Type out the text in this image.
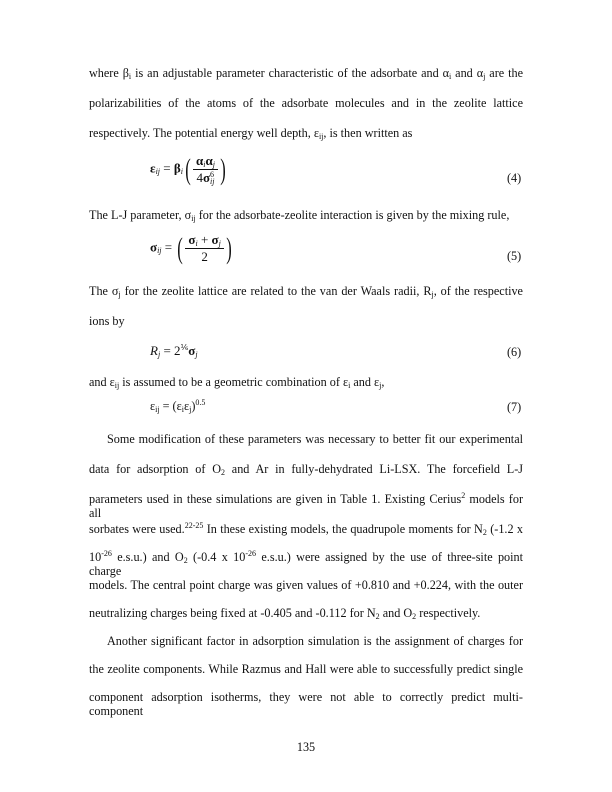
where $\beta_i$ is an adjustable parameter characteristic of the adsorbate and $\alpha_i$ and $\alpha_j$ are the
polarizabilities of the atoms of the adsorbate molecules and in the zeolite lattice
respectively. The potential energy well depth, $\varepsilon_{ij}$, is then written as
$\varepsilon_{ij} = \beta_i( \frac{\alpha_i\alpha_j}{4\sigma^6_{ij}}$ )	(4)
The L-J parameter, $\sigma_{ij}$ for the adsorbate-zeolite interaction is given by the mixing rule,
$\sigma_{ij}$ = ( $\frac{\sigma_i + \sigma_j}{2}$ )	(5)
The $\sigma_j$ for the zeolite lattice are related to the van der Waals radii, $R_j$, of the respective
ions by
$R_j = 2^{\frac{1}{6}}\sigma_j$	(6)
and $\varepsilon_{ij}$ is assumed to be a geometric combination of $\varepsilon_i$ and $\varepsilon_j$,
$\varepsilon_{ij} = (\varepsilon_i\varepsilon_j)^{0.5}$	(7)
Some modification of these parameters was necessary to better fit our experimental
data for adsorption of $O_2$ and Ar in fully-dehydrated Li-LSX. The forcefield L-J
parameters used in these simulations are given in Table 1. Existing Cerius$^2$ models for all
sorbates were used.$^{22-25}$ In these existing models, the quadrupole moments for $N_2$ (-1.2 x
$10^{-26}$ e.s.u.) and $O_2$ (-0.4 x $10^{-26}$ e.s.u.) were assigned by the use of three-site point charge
models. The central point charge was given values of +0.810 and +0.224, with the outer
neutralizing charges being fixed at -0.405 and -0.112 for $N_2$ and $O_2$ respectively.
Another significant factor in adsorption simulation is the assignment of charges for
the zeolite components. While Razmus and Hall were able to successfully predict single
component adsorption isotherms, they were not able to correctly predict multi-component
135
